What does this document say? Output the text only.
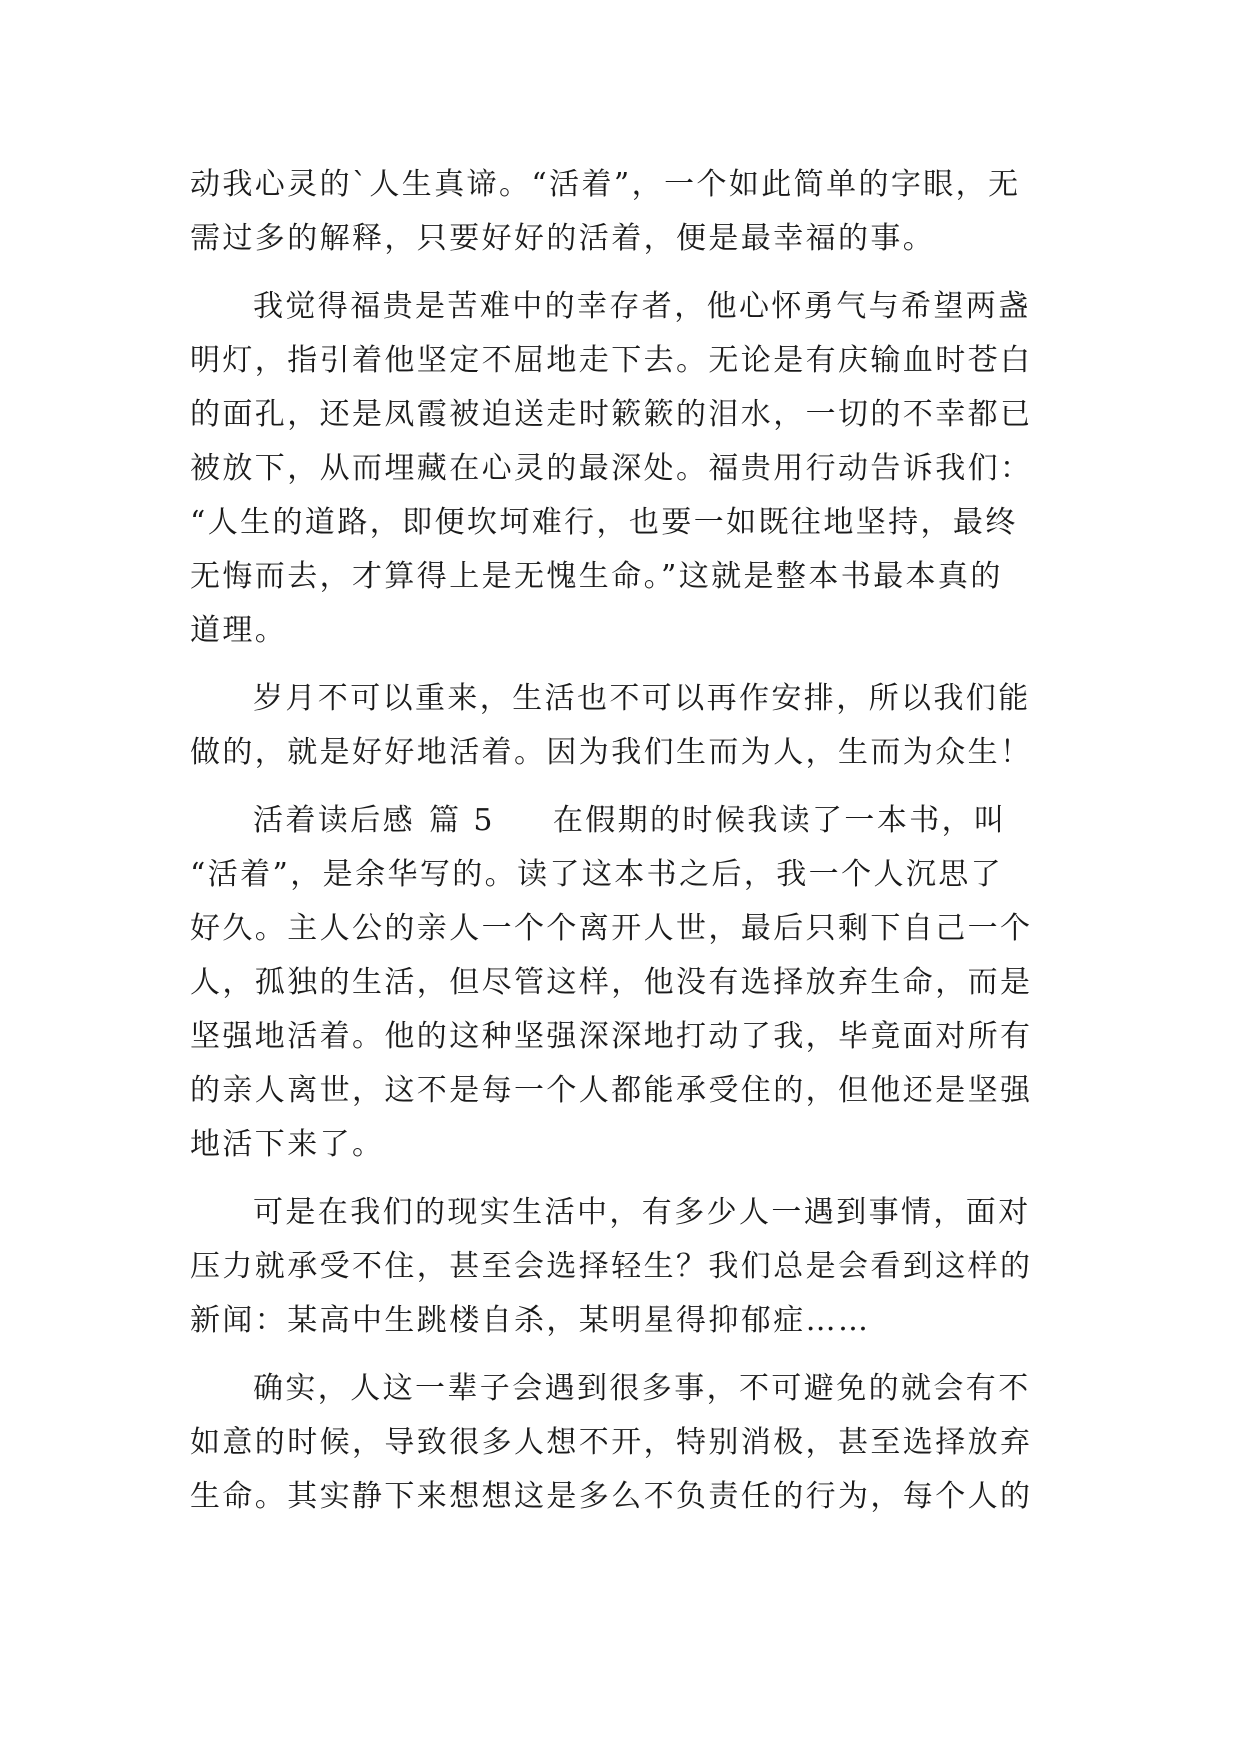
动我心灵的`人生真谛。“活着”，一个如此简单的字眼，无
需过多的解释，只要好好的活着，便是最幸福的事。
我觉得福贵是苦难中的幸存者，他心怀勇气与希望两盏
明灯，指引着他坚定不屈地走下去。无论是有庆输血时苍白
的面孔，还是凤霞被迫送走时簌簌的泪水，一切的不幸都已
被放下，从而埋藏在心灵的最深处。福贵用行动告诉我们：
“人生的道路，即便坎坷难行，也要一如既往地坚持，最终
无悔而去，才算得上是无愧生命。”这就是整本书最本真的
道理。
岁月不可以重来，生活也不可以再作安排，所以我们能
做的，就是好好地活着。因为我们生而为人，生而为众生！
活着读后感 篇 5 在假期的时候我读了一本书，叫
“活着”，是余华写的。读了这本书之后，我一个人沉思了
好久。主人公的亲人一个个离开人世，最后只剩下自己一个
人，孤独的生活，但尽管这样，他没有选择放弃生命，而是
坚强地活着。他的这种坚强深深地打动了我，毕竟面对所有
的亲人离世，这不是每一个人都能承受住的，但他还是坚强
地活下来了。
可是在我们的现实生活中，有多少人一遇到事情，面对
压力就承受不住，甚至会选择轻生？我们总是会看到这样的
新闻：某高中生跳楼自杀，某明星得抑郁症……
确实，人这一辈子会遇到很多事，不可避免的就会有不
如意的时候，导致很多人想不开，特别消极，甚至选择放弃
生命。其实静下来想想这是多么不负责任的行为，每个人的
